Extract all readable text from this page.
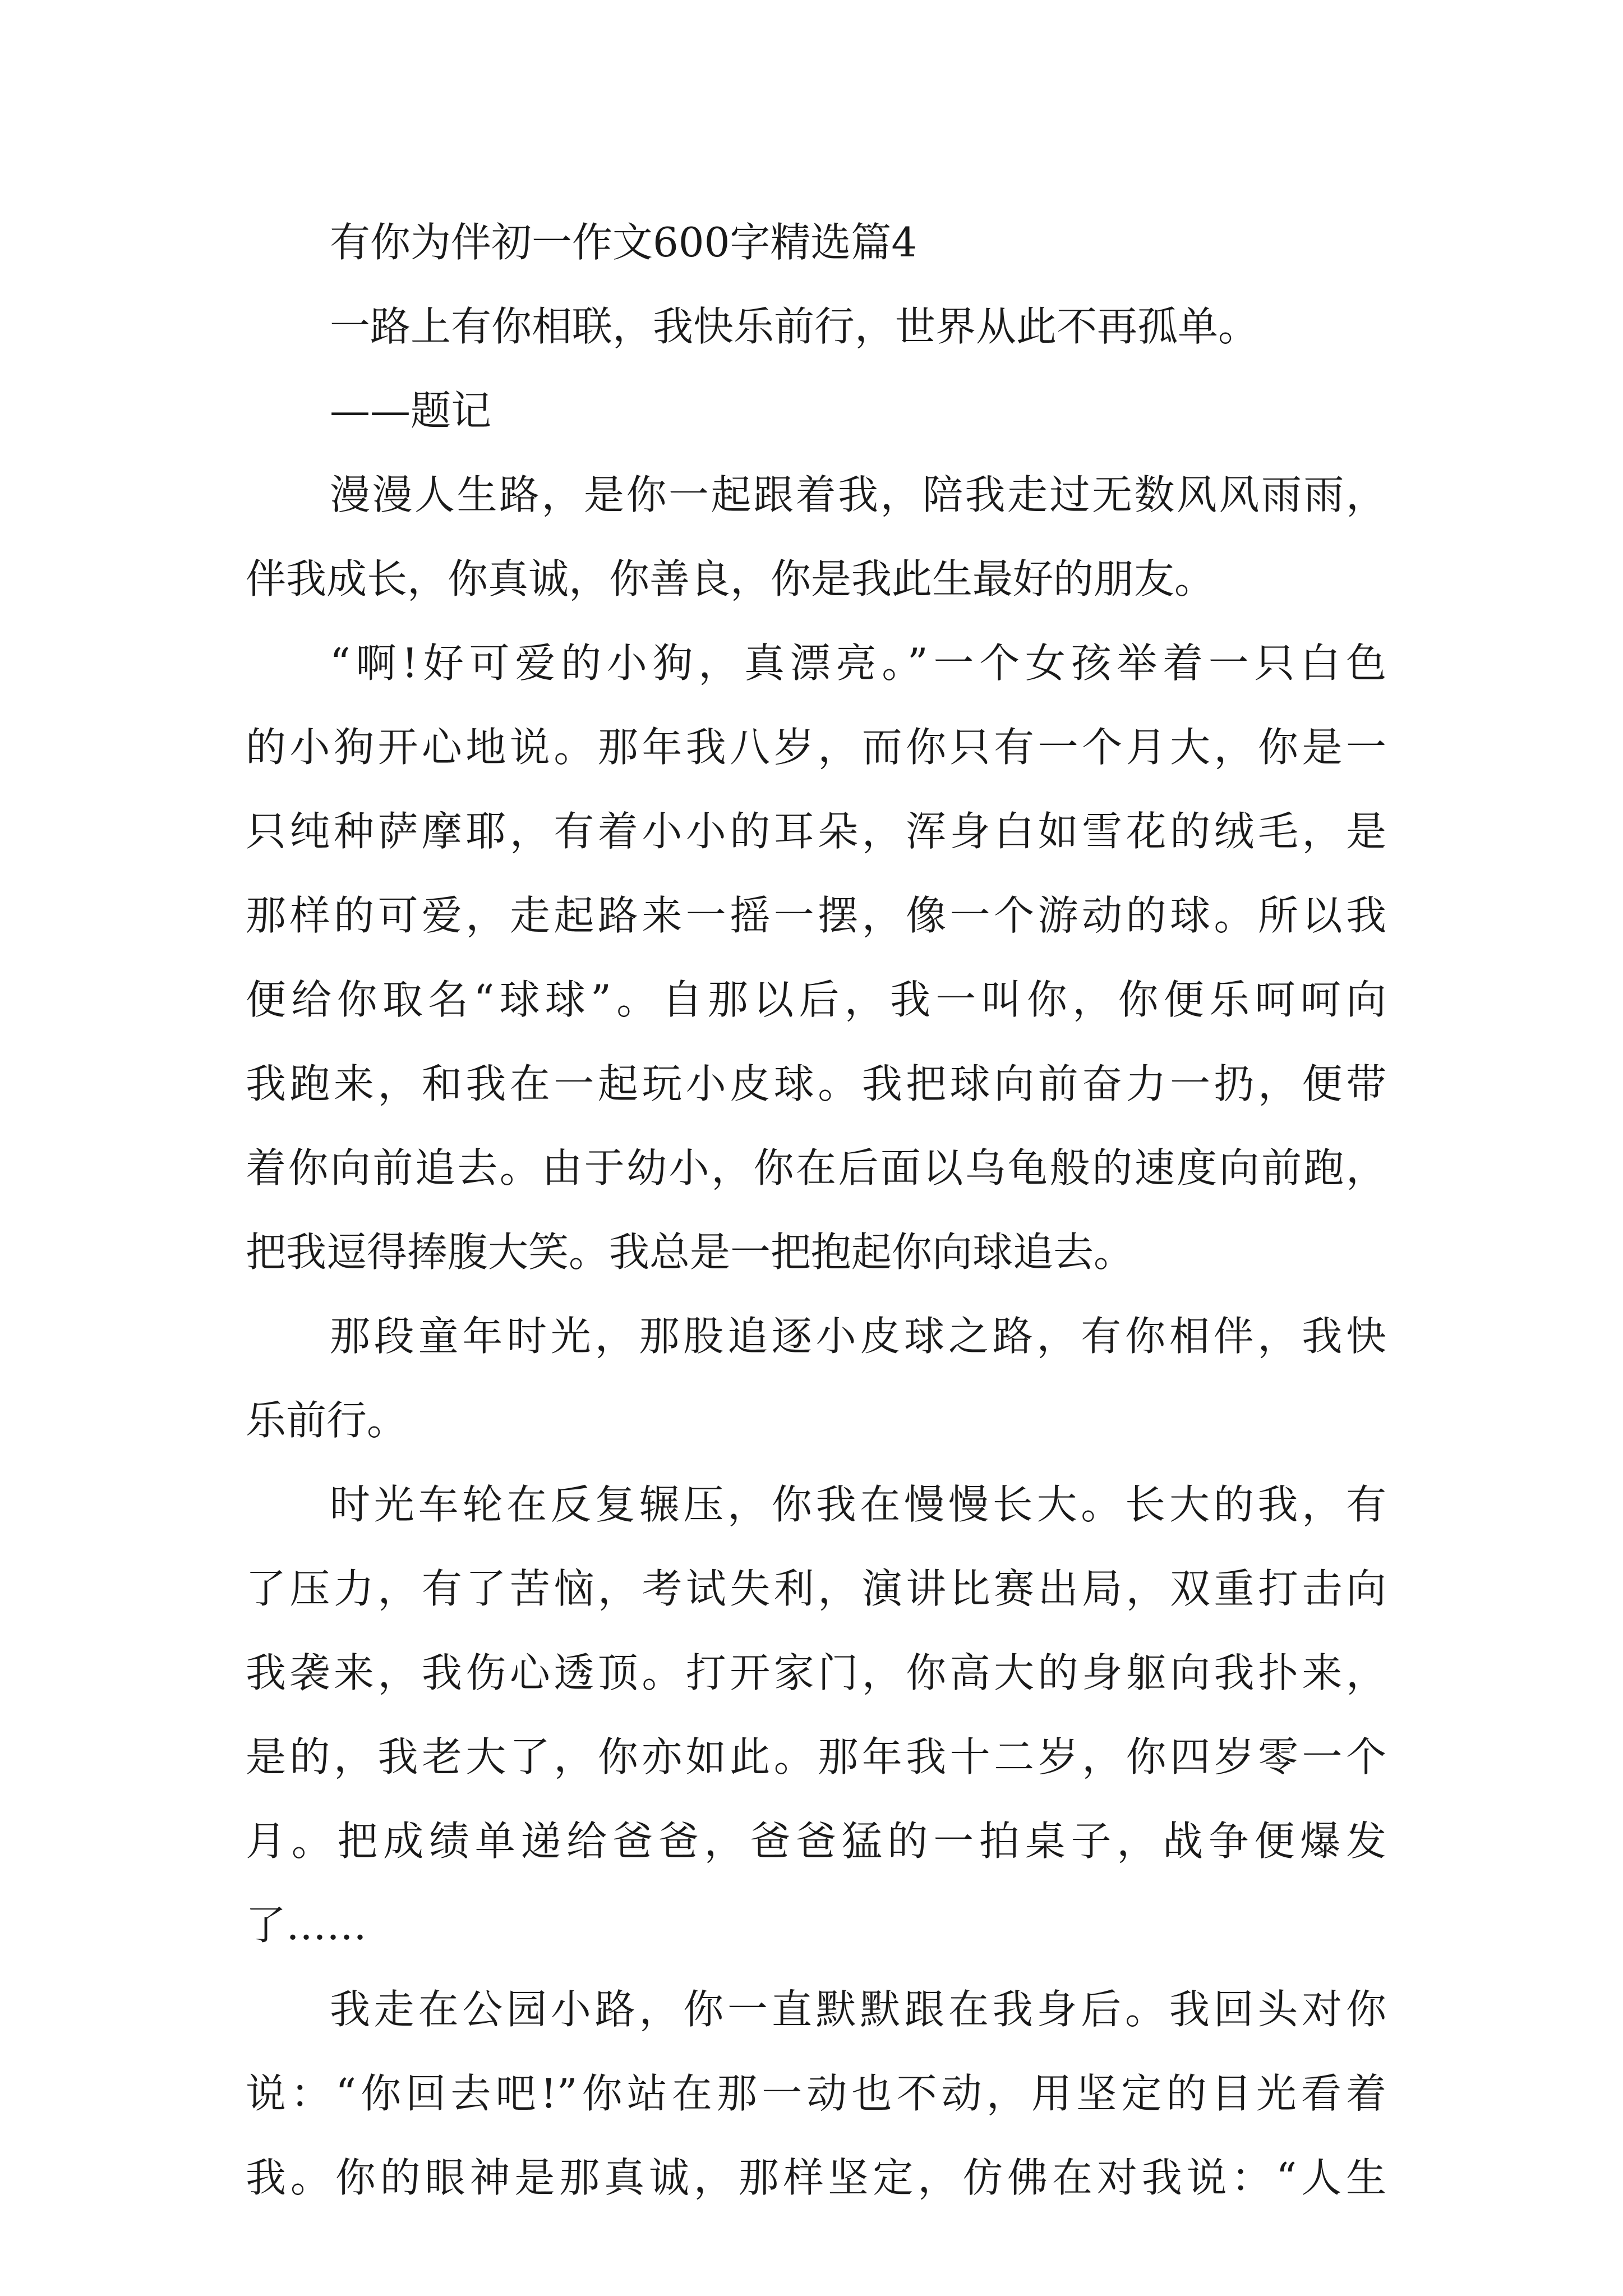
有你为伴初一作文600字精选篇4
一路上有你相联，我快乐前行，世界从此不再孤单。
——题记
漫漫人生路，是你一起跟着我，陪我走过无数风风雨雨，
伴我成长，你真诚，你善良，你是我此生最好的朋友。
“啊!好可爱的小狗，真漂亮。”一个女孩举着一只白色
的小狗开心地说。那年我八岁，而你只有一个月大，你是一
只纯种萨摩耶，有着小小的耳朵，浑身白如雪花的绒毛，是
那样的可爱，走起路来一摇一摆，像一个游动的球。所以我
便给你取名“球球”。自那以后，我一叫你，你便乐呵呵向
我跑来，和我在一起玩小皮球。我把球向前奋力一扔，便带
着你向前追去。由于幼小，你在后面以乌龟般的速度向前跑，
把我逗得捧腹大笑。我总是一把抱起你向球追去。
那段童年时光，那股追逐小皮球之路，有你相伴，我快
乐前行。
时光车轮在反复辗压，你我在慢慢长大。长大的我，有
了压力，有了苦恼，考试失利，演讲比赛出局，双重打击向
我袭来，我伤心透顶。打开家门，你高大的身躯向我扑来，
是的，我老大了，你亦如此。那年我十二岁，你四岁零一个
月。把成绩单递给爸爸，爸爸猛的一拍桌子，战争便爆发
了……
我走在公园小路，你一直默默跟在我身后。我回头对你
说：“你回去吧!”你站在那一动也不动，用坚定的目光看着
我。你的眼神是那真诚，那样坚定，仿佛在对我说：“人生
